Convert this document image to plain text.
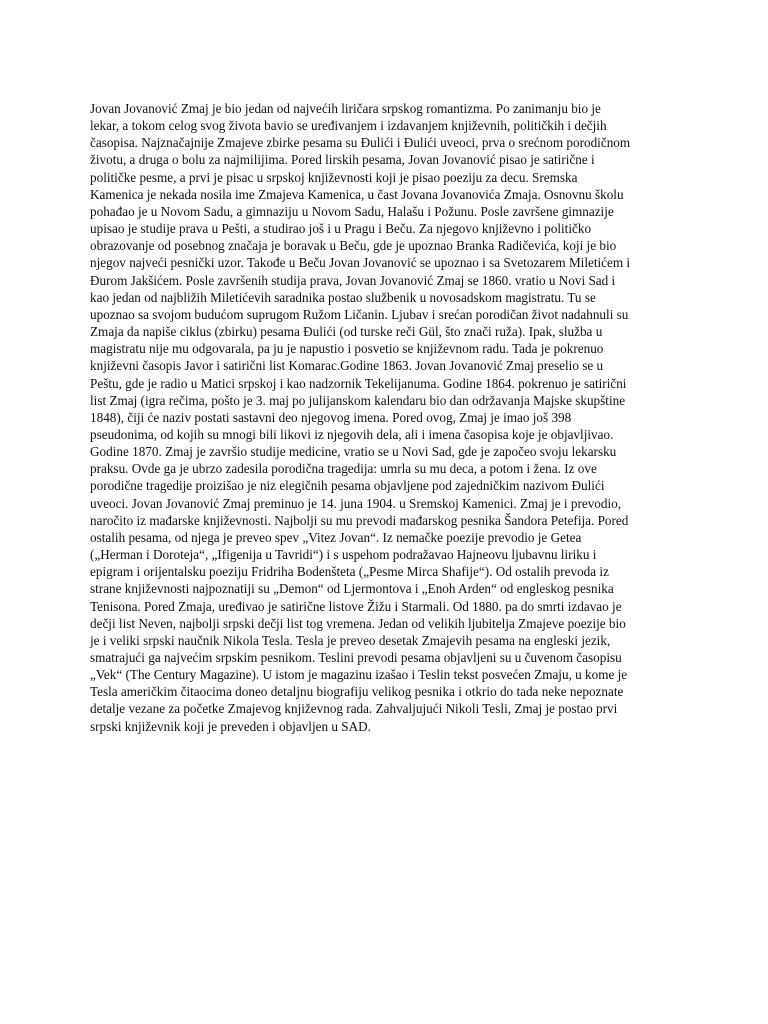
Jovan Jovanović Zmaj je bio jedan od najvećih liričara srpskog romantizma. Po zanimanju bio je
lekar, a tokom celog svog života bavio se uređivanjem i izdavanjem književnih, političkih i dečjih
časopisa. Najznačajnije Zmajeve zbirke pesama su Đulići i Đulići uveoci, prva o srećnom porodičnom
životu, a druga o bolu za najmilijima. Pored lirskih pesama, Jovan Jovanović pisao je satirične i
političke pesme, a prvi je pisac u srpskoj književnosti koji je pisao poeziju za decu. Sremska
Kamenica je nekada nosila ime Zmajeva Kamenica, u čast Jovana Jovanovića Zmaja. Osnovnu školu
pohađao je u Novom Sadu, a gimnaziju u Novom Sadu, Halašu i Požunu. Posle završene gimnazije
upisao je studije prava u Pešti, a studirao još i u Pragu i Beču. Za njegovo književno i političko
obrazovanje od posebnog značaja je boravak u Beču, gde je upoznao Branka Radičevića, koji je bio
njegov najveći pesnički uzor. Takođe u Beču Jovan Jovanović se upoznao i sa Svetozarem Miletićem i
Đurom Jakšićem. Posle završenih studija prava, Jovan Jovanović Zmaj se 1860. vratio u Novi Sad i
kao jedan od najbližih Miletićevih saradnika postao službenik u novosadskom magistratu. Tu se
upoznao sa svojom budućom suprugom Ružom Ličanin. Ljubav i srećan porodičan život nadahnuli su
Zmaja da napiše ciklus (zbirku) pesama Đulići (od turske reči Gül, što znači ruža). Ipak, služba u
magistratu nije mu odgovarala, pa ju je napustio i posvetio se književnom radu. Tada je pokrenuo
književni časopis Javor i satirični list Komarac.Godine 1863. Jovan Jovanović Zmaj preselio se u
Peštu, gde je radio u Matici srpskoj i kao nadzornik Tekelijanuma. Godine 1864. pokrenuo je satirični
list Zmaj (igra rečima, pošto je 3. maj po julijanskom kalendaru bio dan održavanja Majske skupštine
1848), čiji će naziv postati sastavni deo njegovog imena. Pored ovog, Zmaj je imao još 398
pseudonima, od kojih su mnogi bili likovi iz njegovih dela, ali i imena časopisa koje je objavljivao.
Godine 1870. Zmaj je završio studije medicine, vratio se u Novi Sad, gde je započeo svoju lekarsku
praksu. Ovde ga je ubrzo zadesila porodična tragedija: umrla su mu deca, a potom i žena. Iz ove
porodične tragedije proizišao je niz elegičnih pesama objavljene pod zajedničkim nazivom Đulići
uveoci. Jovan Jovanović Zmaj preminuo je 14. juna 1904. u Sremskoj Kamenici. Zmaj je i prevodio,
naročito iz mađarske književnosti. Najbolji su mu prevodi mađarskog pesnika Šandora Petefija. Pored
ostalih pesama, od njega je preveo spev „Vitez Jovan“. Iz nemačke poezije prevodio je Getea
(„Herman i Doroteja“, „Ifigenija u Tavridi“) i s uspehom podražavao Hajneovu ljubavnu liriku i
epigram i orijentalsku poeziju Fridriha Bodenšteta („Pesme Mirca Shafije“). Od ostalih prevoda iz
strane književnosti najpoznatiji su „Demon“ od Ljermontova i „Enoh Arden“ od engleskog pesnika
Tenisona. Pored Zmaja, uređivao je satirične listove Žižu i Starmali. Od 1880. pa do smrti izdavao je
dečji list Neven, najbolji srpski dečji list tog vremena. Jedan od velikih ljubitelja Zmajeve poezije bio
je i veliki srpski naučnik Nikola Tesla. Tesla je preveo desetak Zmajevih pesama na engleski jezik,
smatrajući ga najvećim srpskim pesnikom. Teslini prevodi pesama objavljeni su u čuvenom časopisu
„Vek“ (The Century Magazine). U istom je magazinu izašao i Teslin tekst posvećen Zmaju, u kome je
Tesla američkim čitaocima doneo detaljnu biografiju velikog pesnika i otkrio do tada neke nepoznate
detalje vezane za početke Zmajevog književnog rada. Zahvaljujući Nikoli Tesli, Zmaj je postao prvi
srpski književnik koji je preveden i objavljen u SAD.
